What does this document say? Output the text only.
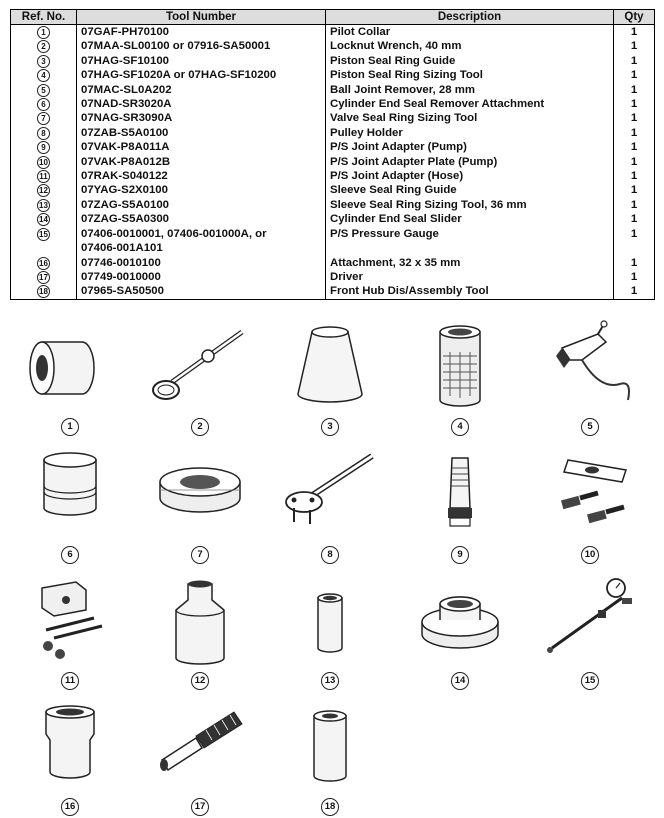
Ref. No.	Tool Number	Description	Qty
1	07GAF-PH70100	Pilot Collar	1
2	07MAA-SL00100 or 07916-SA50001	Locknut Wrench, 40 mm	1
3	07HAG-SF10100	Piston Seal Ring Guide	1
4	07HAG-SF1020A or 07HAG-SF10200	Piston Seal Ring Sizing Tool	1
5	07MAC-SL0A202	Ball Joint Remover, 28 mm	1
6	07NAD-SR3020A	Cylinder End Seal Remover Attachment	1
7	07NAG-SR3090A	Valve Seal Ring Sizing Tool	1
8	07ZAB-S5A0100	Pulley Holder	1
9	07VAK-P8A011A	P/S Joint Adapter (Pump)	1
10	07VAK-P8A012B	P/S Joint Adapter Plate (Pump)	1
11	07RAK-S040122	P/S Joint Adapter (Hose)	1
12	07YAG-S2X0100	Sleeve Seal Ring Guide	1
13	07ZAG-S5A0100	Sleeve Seal Ring Sizing Tool, 36 mm	1
14	07ZAG-S5A0300	Cylinder End Seal Slider	1
15	07406-0010001, 07406-001000A, or
07406-001A101	P/S Pressure Gauge	1
16	07746-0010100	Attachment, 32 x 35 mm	1
17	07749-0010000	Driver	1
18	07965-SA50500	Front Hub Dis/Assembly Tool	1
1	2	3	4	5
6	7	8	9	10
11	12	13	14	15
16	17	18
